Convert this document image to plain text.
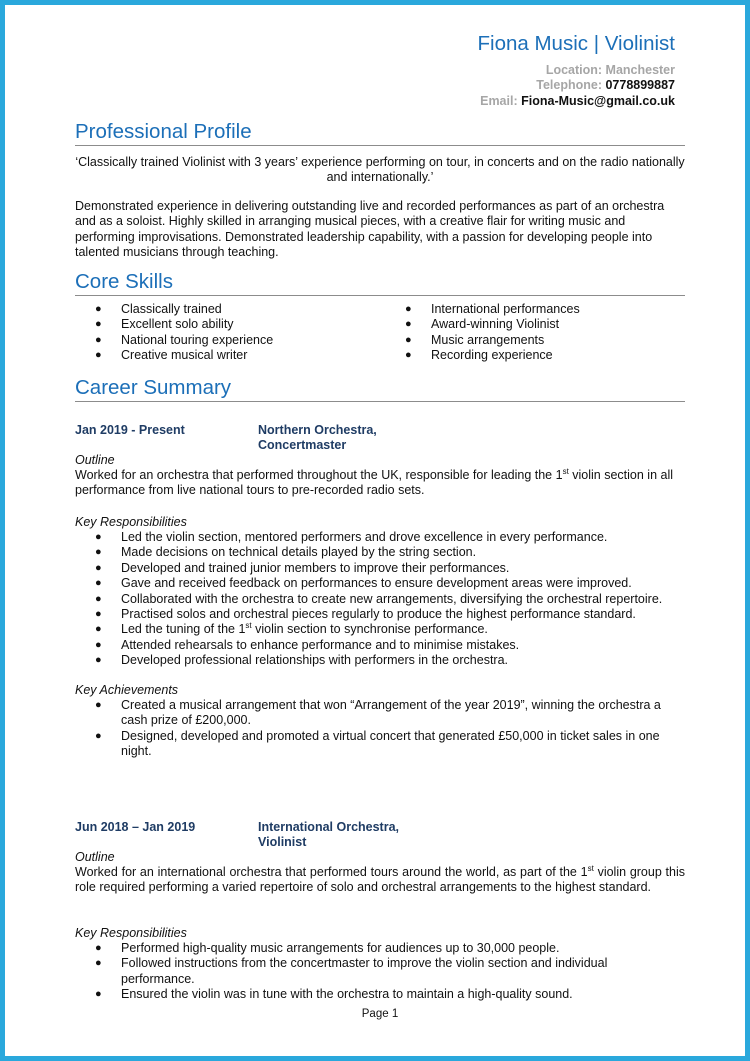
Fiona Music | Violinist
Location: Manchester
Telephone: 0778899887
Email: Fiona-Music@gmail.co.uk
Professional Profile

‘Classically trained Violinist with 3 years’ experience performing on tour, in concerts and on the radio nationally and internationally.’

Demonstrated experience in delivering outstanding live and recorded performances as part of an orchestra and as a soloist. Highly skilled in arranging musical pieces, with a creative flair for writing music and performing improvisations. Demonstrated leadership capability, with a passion for developing people into talented musicians through teaching.

Core Skills
● Classically trained
● Excellent solo ability
● National touring experience
● Creative musical writer
● International performances
● Award-winning Violinist
● Music arrangements
● Recording experience
Career Summary
Jan 2019 - Present	Northern Orchestra,
Concertmaster
Outline

Worked for an orchestra that performed throughout the UK, responsible for leading the 1st violin section in all performance from live national tours to pre-recorded radio sets.

Key Responsibilities
● Led the violin section, mentored performers and drove excellence in every performance.
● Made decisions on technical details played by the string section.
● Developed and trained junior members to improve their performances.
● Gave and received feedback on performances to ensure development areas were improved.
● Collaborated with the orchestra to create new arrangements, diversifying the orchestral repertoire.
● Practised solos and orchestral pieces regularly to produce the highest performance standard.
● Led the tuning of the 1st violin section to synchronise performance.
● Attended rehearsals to enhance performance and to minimise mistakes.
● Developed professional relationships with performers in the orchestra.
Key Achievements
● Created a musical arrangement that won “Arrangement of the year 2019”, winning the orchestra a cash prize of £200,000.
● Designed, developed and promoted a virtual concert that generated £50,000 in ticket sales in one night.
Jun 2018 – Jan 2019	International Orchestra,
Violinist
Outline

Worked for an international orchestra that performed tours around the world, as part of the 1st violin group this role required performing a varied repertoire of solo and orchestral arrangements to the highest standard.

Key Responsibilities
● Performed high-quality music arrangements for audiences up to 30,000 people.
● Followed instructions from the concertmaster to improve the violin section and individual performance.
● Ensured the violin was in tune with the orchestra to maintain a high-quality sound.
Page 1
